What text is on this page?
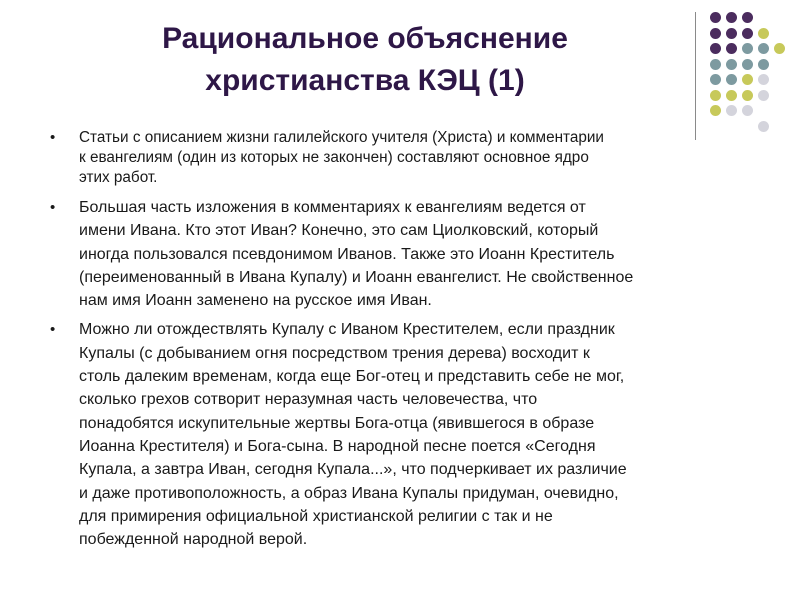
Рациональное объяснение
христианства КЭЦ (1)
• Статьи с описанием жизни галилейского учителя (Христа) и комментарии
к евангелиям (один из которых не закончен) составляют основное ядро
этих работ.
• Большая часть изложения в комментариях к евангелиям ведется от
имени Ивана. Кто этот Иван? Конечно, это сам Циолковский, который
иногда пользовался псевдонимом Иванов. Также это Иоанн Креститель
(переименованный в Ивана Купалу) и Иоанн евангелист. Не свойственное
нам имя Иоанн заменено на русское имя Иван.
• Можно ли отождествлять Купалу с Иваном Крестителем, если праздник
Купалы (с добыванием огня посредством трения дерева) восходит к
столь далеким временам, когда еще Бог-отец и представить себе не мог,
сколько грехов сотворит неразумная часть человечества, что
понадобятся искупительные жертвы Бога-отца (явившегося в образе
Иоанна Крестителя) и Бога-сына. В народной песне поется «Сегодня
Купала, а завтра Иван, сегодня Купала...», что подчеркивает их различие
и даже противоположность, а образ Ивана Купалы придуман, очевидно,
для примирения официальной христианской религии с так и не
побежденной народной верой.
